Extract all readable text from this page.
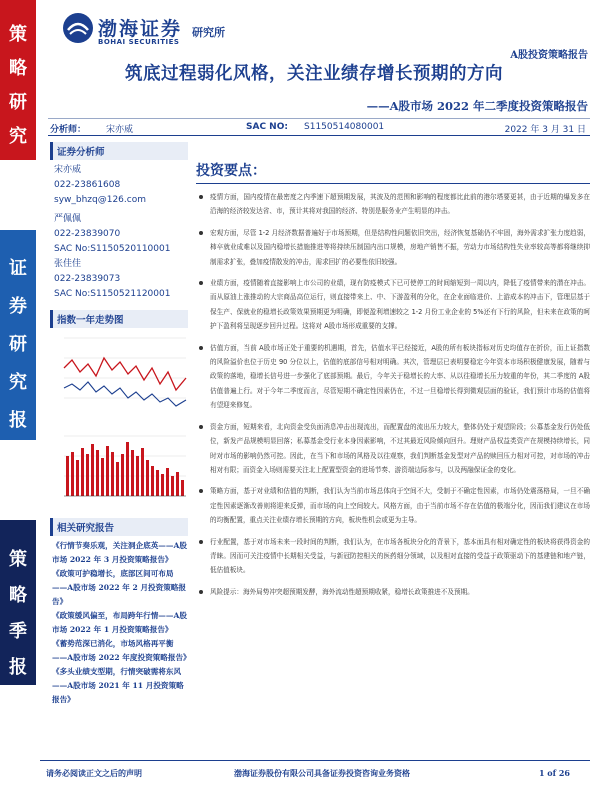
策
略
研
究
证
券
研
究
报
告
策
略
季
报
渤海证券
BOHAI SECURITIES
研究所
A股投资策略报告
筑底过程弱化风格，关注业绩存增长预期的方向
——A股市场 2022 年二季度投资策略报告
分析师： 宋亦威	SAC NO: S1150514080001	2022 年 3 月 31 日
证券分析师
宋亦威
022-23861608
syw_bhzq@126.com
严佩佩
022-23839070
SAC No:S1150520110001
张佳佳
022-23839073
SAC No:S1150521120001
指数一年走势图
相关研究报告
《行情节奏乐观，关注洞企底英——A股市场 2022 年 3 月投资策略报告》
《政策可护稳增长，底部区间可布局——A股市场 2022 年 2 月投资策略报告》
《政策缓风偏至，布局跨年行情——A股市场 2022 年 1 月投资策略报告》
《蓄势范深已消化，市场风格再平衡——A股市场 2022 年度投资策略报告》
《多头业绩支型期，行情突破需将东风——A股市场 2021 年 11 月投资策略报告》
投资要点：
疫情方面，国内疫情在最密度之内季速下超预期发展，其波及的范围和影响的程度都比此前的港尔塔要更甚，由于近期的爆发多在沿海的经济较发达省、市，预计其将对我国的经济、特别是服务业产生明显的冲击。
宏观方面，尽管 1-2 月经济数据普遍好于市场预期，但是结构性问题依旧突出，经济恢复基础仍不牢固，海外需求扩张力度趋弱，柿卒就业成难以及国内稳增长措施推进等将持续压制国内出口规模，房地产销售不振，劳动力市场结构性失业率较高等都将继续抑制需求扩张，叠加疫情散发的冲击，需求回扩的必要性依旧较强。
业绩方面，疫情随着直接影响上市公司的业绩，现有防疫模式下已可使停工的时间缩短到一周以内，降低了疫情带来的潜在冲击。而从原油上涨推动的大宗商品高位运行，则直接带来上、中、下游盈利的分化，在企业面临进价、上游成本的冲击下，管理层基于保生产、保就业的稳增长政策效果预期更为明确，即便盈利增速较之 1-2 月份工业企业的 5%还有下行的风险，但未来在政策的呵护下盈利将呈现逐步回升过程。这将对 A股市场形成重要的支撑。
估值方面，当前 A股市场正处于重要的机遇期，首先，估值水平已经接近，A股的所有板块指标对历史均值存在折价，而上证指数的风险溢价也位于历史 90 分位以上，估值的底部信号相对明确。其次，管理层已表明要稳定今年资本市场积极健康发展，随着与政策的落地，稳增长信号进一步强化了底部预期。最后，今年关于稳增长的大率、从以往稳增长压力较重的年份，其二季度的 A股估值普遍上行。对于今年二季度而言，尽管短期不确定性因素仍在，不过一旦稳增长得到微观层面的验证，我们预计市场的估值将有望迎来修复。
资金方面，短期来看，北向资金受负面消息冲击出现流出，而配置盘的流出压力较大，整体仍处于观望阶段；公募基金发行仍处低位，新发产品规模明显回落；私募基金受行业本身因素影响，不过其最近风险倾向回升。理财产品权益类资产在规模持续增长，同时对市场的影响仍然可控。因此，在当下和市场的风格及以往观察，我们判断基金发型对产品的赎回压力相对可控，对市场的冲击相对有限；而资金入场则需要关注北上配置型资金的进场节奏、游资端边际参与，以及两融保证金的变化。
策略方面，基于对业绩和估值的判断，我们认为当前市场总体向于空间不大，受制于不确定性因素，市场仍处震荡格局，一旦不确定性因素逐渐改善则将迎来反弹，而市场的向上空间较大。风格方面，由于当前市场不存在估值的极端分化，因而我们建议在市场的均衡配置，重点关注业绩存增长预期的方向，板块性机会或更为主导。
行业配置，基于对市场未来一段时间的判断，我们认为，在市场各板块分化的背景下，基本面具有相对确定性的板块将获得资金的青睐。因而可关注疫情中长期相关受益，与新冠防控相关的医药细分领域，以及相对直接的受益于政策驱动下的基建链和地产链，低估值板块。
风险提示：海外局势冲突超预期发酵，海外流动性超预期收紧，稳增长政策推进不及预期。
请务必阅读正文之后的声明	渤海证券股份有限公司具备证券投资咨询业务资格	1 of 26
